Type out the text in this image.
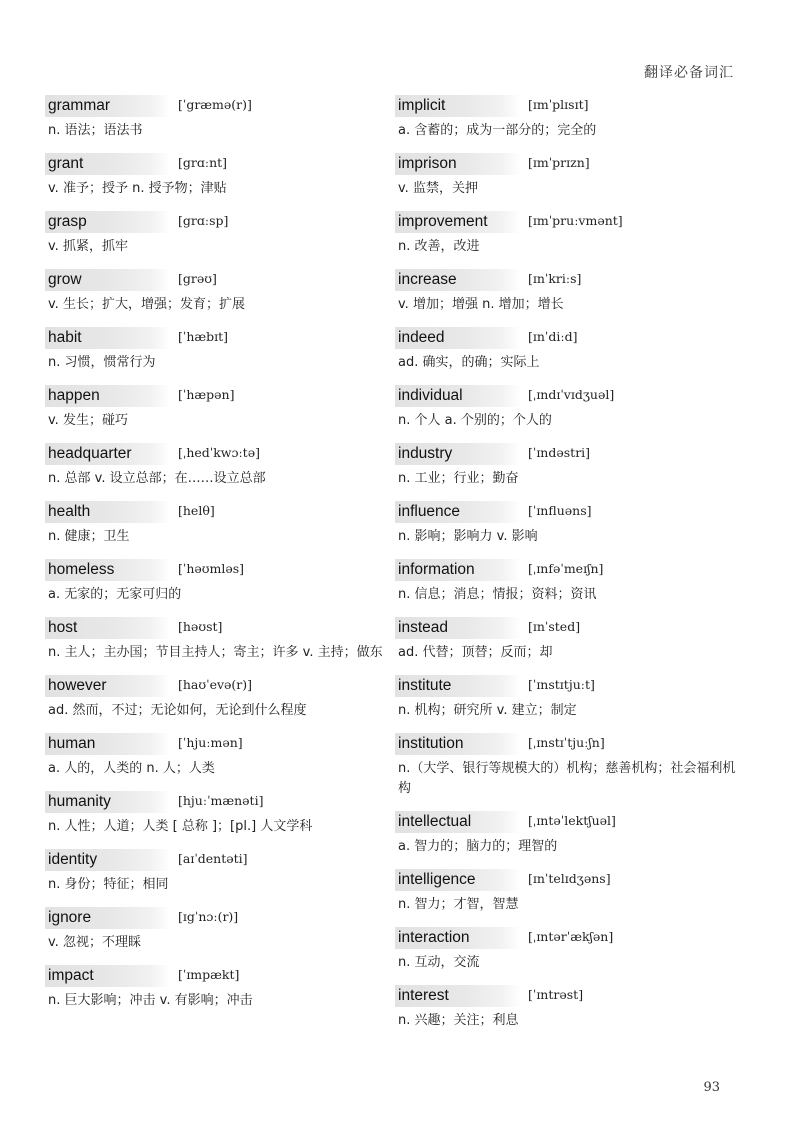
翻译必备词汇
grammar	[ˈgræmə(r)]
n. 语法；语法书
grant	[grɑːnt]
v. 准予；授予 n. 授予物；津贴
grasp	[grɑːsp]
v. 抓紧，抓牢
grow	[grəʊ]
v. 生长；扩大，增强；发育；扩展
habit	[ˈhæbɪt]
n. 习惯，惯常行为
happen	[ˈhæpən]
v. 发生；碰巧
headquarter	[ˌhedˈkwɔːtə]
n. 总部 v. 设立总部；在……设立总部
health	[helθ]
n. 健康；卫生
homeless	[ˈhəʊmləs]
a. 无家的；无家可归的
host	[həʊst]
n. 主人；主办国；节目主持人；寄主；许多 v. 主持；做东
however	[haʊˈevə(r)]
ad. 然而，不过；无论如何，无论到什么程度
human	[ˈhjuːmən]
a. 人的，人类的 n. 人；人类
humanity	[hjuːˈmænəti]
n. 人性；人道；人类 [ 总称 ]；[pl.] 人文学科
identity	[aɪˈdentəti]
n. 身份；特征；相同
ignore	[ɪgˈnɔː(r)]
v. 忽视；不理睬
impact	[ˈɪmpækt]
n. 巨大影响；冲击 v. 有影响；冲击
implicit	[ɪmˈplɪsɪt]
a. 含蓄的；成为一部分的；完全的
imprison	[ɪmˈprɪzn]
v. 监禁，关押
improvement	[ɪmˈpruːvmənt]
n. 改善，改进
increase	[ɪnˈkriːs]
v. 增加；增强 n. 增加；增长
indeed	[ɪnˈdiːd]
ad. 确实，的确；实际上
individual	[ˌɪndɪˈvɪdʒuəl]
n. 个人 a. 个别的；个人的
industry	[ˈɪndəstri]
n. 工业；行业；勤奋
influence	[ˈɪnfluəns]
n. 影响；影响力 v. 影响
information	[ˌɪnfəˈmeɪʃn]
n. 信息；消息；情报；资料；资讯
instead	[ɪnˈsted]
ad. 代替；顶替；反而；却
institute	[ˈɪnstɪtjuːt]
n. 机构；研究所 v. 建立；制定
institution	[ˌɪnstɪˈtjuːʃn]
n.（大学、银行等规模大的）机构；慈善机构；社会福利机构
intellectual	[ˌɪntəˈlektʃuəl]
a. 智力的；脑力的；理智的
intelligence	[ɪnˈtelɪdʒəns]
n. 智力；才智，智慧
interaction	[ˌɪntərˈækʃən]
n. 互动，交流
interest	[ˈɪntrəst]
n. 兴趣；关注；利息
93
